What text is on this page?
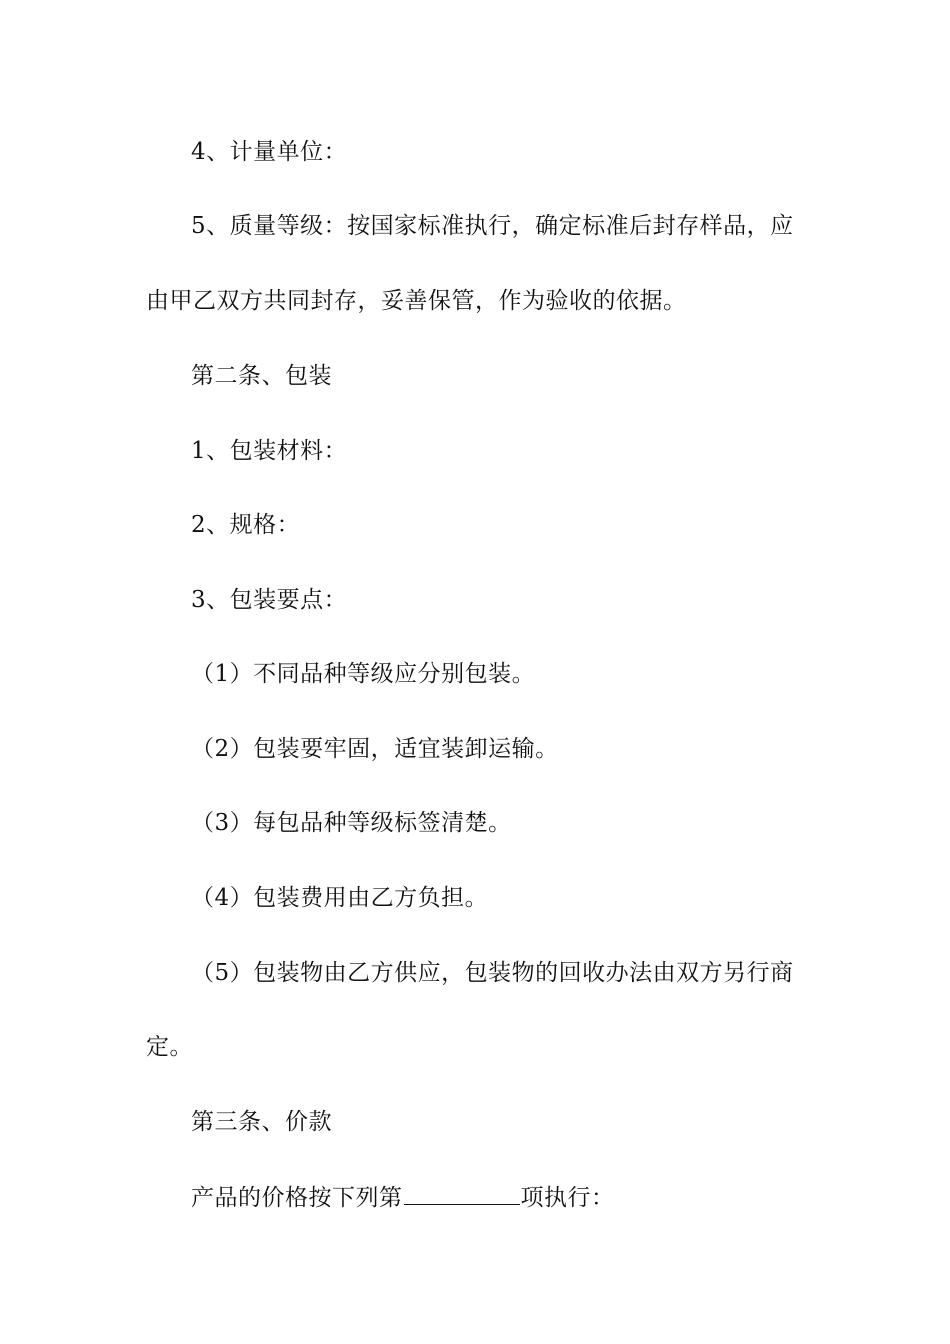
4、计量单位：
5、质量等级：按国家标准执行，确定标准后封存样品，应
由甲乙双方共同封存，妥善保管，作为验收的依据。
第二条、包装
1、包装材料：
2、规格：
3、包装要点：
（1）不同品种等级应分别包装。
（2）包装要牢固，适宜装卸运输。
（3）每包品种等级标签清楚。
（4）包装费用由乙方负担。
（5）包装物由乙方供应，包装物的回收办法由双方另行商
定。
第三条、价款
产品的价格按下列第	项执行：
